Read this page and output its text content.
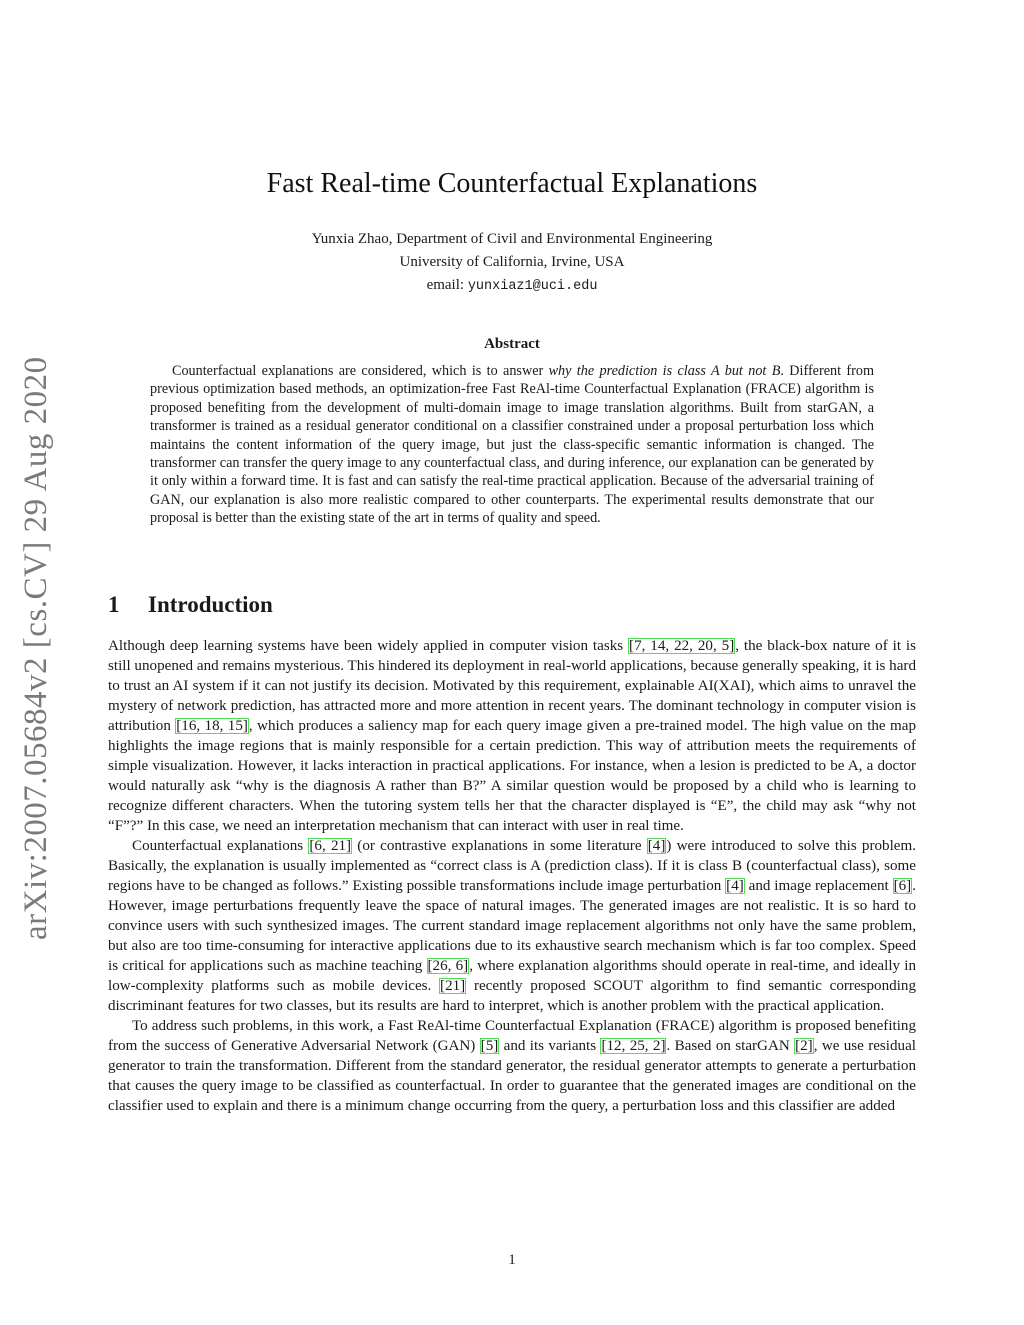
arXiv:2007.05684v2 [cs.CV] 29 Aug 2020
Fast Real-time Counterfactual Explanations
Yunxia Zhao, Department of Civil and Environmental Engineering
University of California, Irvine, USA
email: yunxiaz1@uci.edu
Abstract
Counterfactual explanations are considered, which is to answer why the prediction is class A but not B. Different from previous optimization based methods, an optimization-free Fast ReAl-time Counterfactual Explanation (FRACE) algorithm is proposed benefiting from the development of multi-domain image to image translation algorithms. Built from starGAN, a transformer is trained as a residual generator conditional on a classifier constrained under a proposal perturbation loss which maintains the content information of the query image, but just the class-specific semantic information is changed. The transformer can transfer the query image to any counterfactual class, and during inference, our explanation can be generated by it only within a forward time. It is fast and can satisfy the real-time practical application. Because of the adversarial training of GAN, our explanation is also more realistic compared to other counterparts. The experimental results demonstrate that our proposal is better than the existing state of the art in terms of quality and speed.
1 Introduction

Although deep learning systems have been widely applied in computer vision tasks [7, 14, 22, 20, 5], the black-box nature of it is still unopened and remains mysterious. This hindered its deployment in real-world applications, because generally speaking, it is hard to trust an AI system if it can not justify its decision. Motivated by this requirement, explainable AI(XAI), which aims to unravel the mystery of network prediction, has attracted more and more attention in recent years. The dominant technology in computer vision is attribution [16, 18, 15], which produces a saliency map for each query image given a pre-trained model. The high value on the map highlights the image regions that is mainly responsible for a certain prediction. This way of attribution meets the requirements of simple visualization. However, it lacks interaction in practical applications. For instance, when a lesion is predicted to be A, a doctor would naturally ask “why is the diagnosis A rather than B?” A similar question would be proposed by a child who is learning to recognize different characters. When the tutoring system tells her that the character displayed is “E”, the child may ask “why not “F”?” In this case, we need an interpretation mechanism that can interact with user in real time.

Counterfactual explanations [6, 21] (or contrastive explanations in some literature [4]) were introduced to solve this problem. Basically, the explanation is usually implemented as “correct class is A (prediction class). If it is class B (counterfactual class), some regions have to be changed as follows.” Existing possible transformations include image perturbation [4] and image replacement [6]. However, image perturbations frequently leave the space of natural images. The generated images are not realistic. It is so hard to convince users with such synthesized images. The current standard image replacement algorithms not only have the same problem, but also are too time-consuming for interactive applications due to its exhaustive search mechanism which is far too complex. Speed is critical for applications such as machine teaching [26, 6], where explanation algorithms should operate in real-time, and ideally in low-complexity platforms such as mobile devices. [21] recently proposed SCOUT algorithm to find semantic corresponding discriminant features for two classes, but its results are hard to interpret, which is another problem with the practical application.

To address such problems, in this work, a Fast ReAl-time Counterfactual Explanation (FRACE) algorithm is proposed benefiting from the success of Generative Adversarial Network (GAN) [5] and its variants [12, 25, 2]. Based on starGAN [2], we use residual generator to train the transformation. Different from the standard generator, the residual generator attempts to generate a perturbation that causes the query image to be classified as counterfactual. In order to guarantee that the generated images are conditional on the classifier used to explain and there is a minimum change occurring from the query, a perturbation loss and this classifier are added

1
